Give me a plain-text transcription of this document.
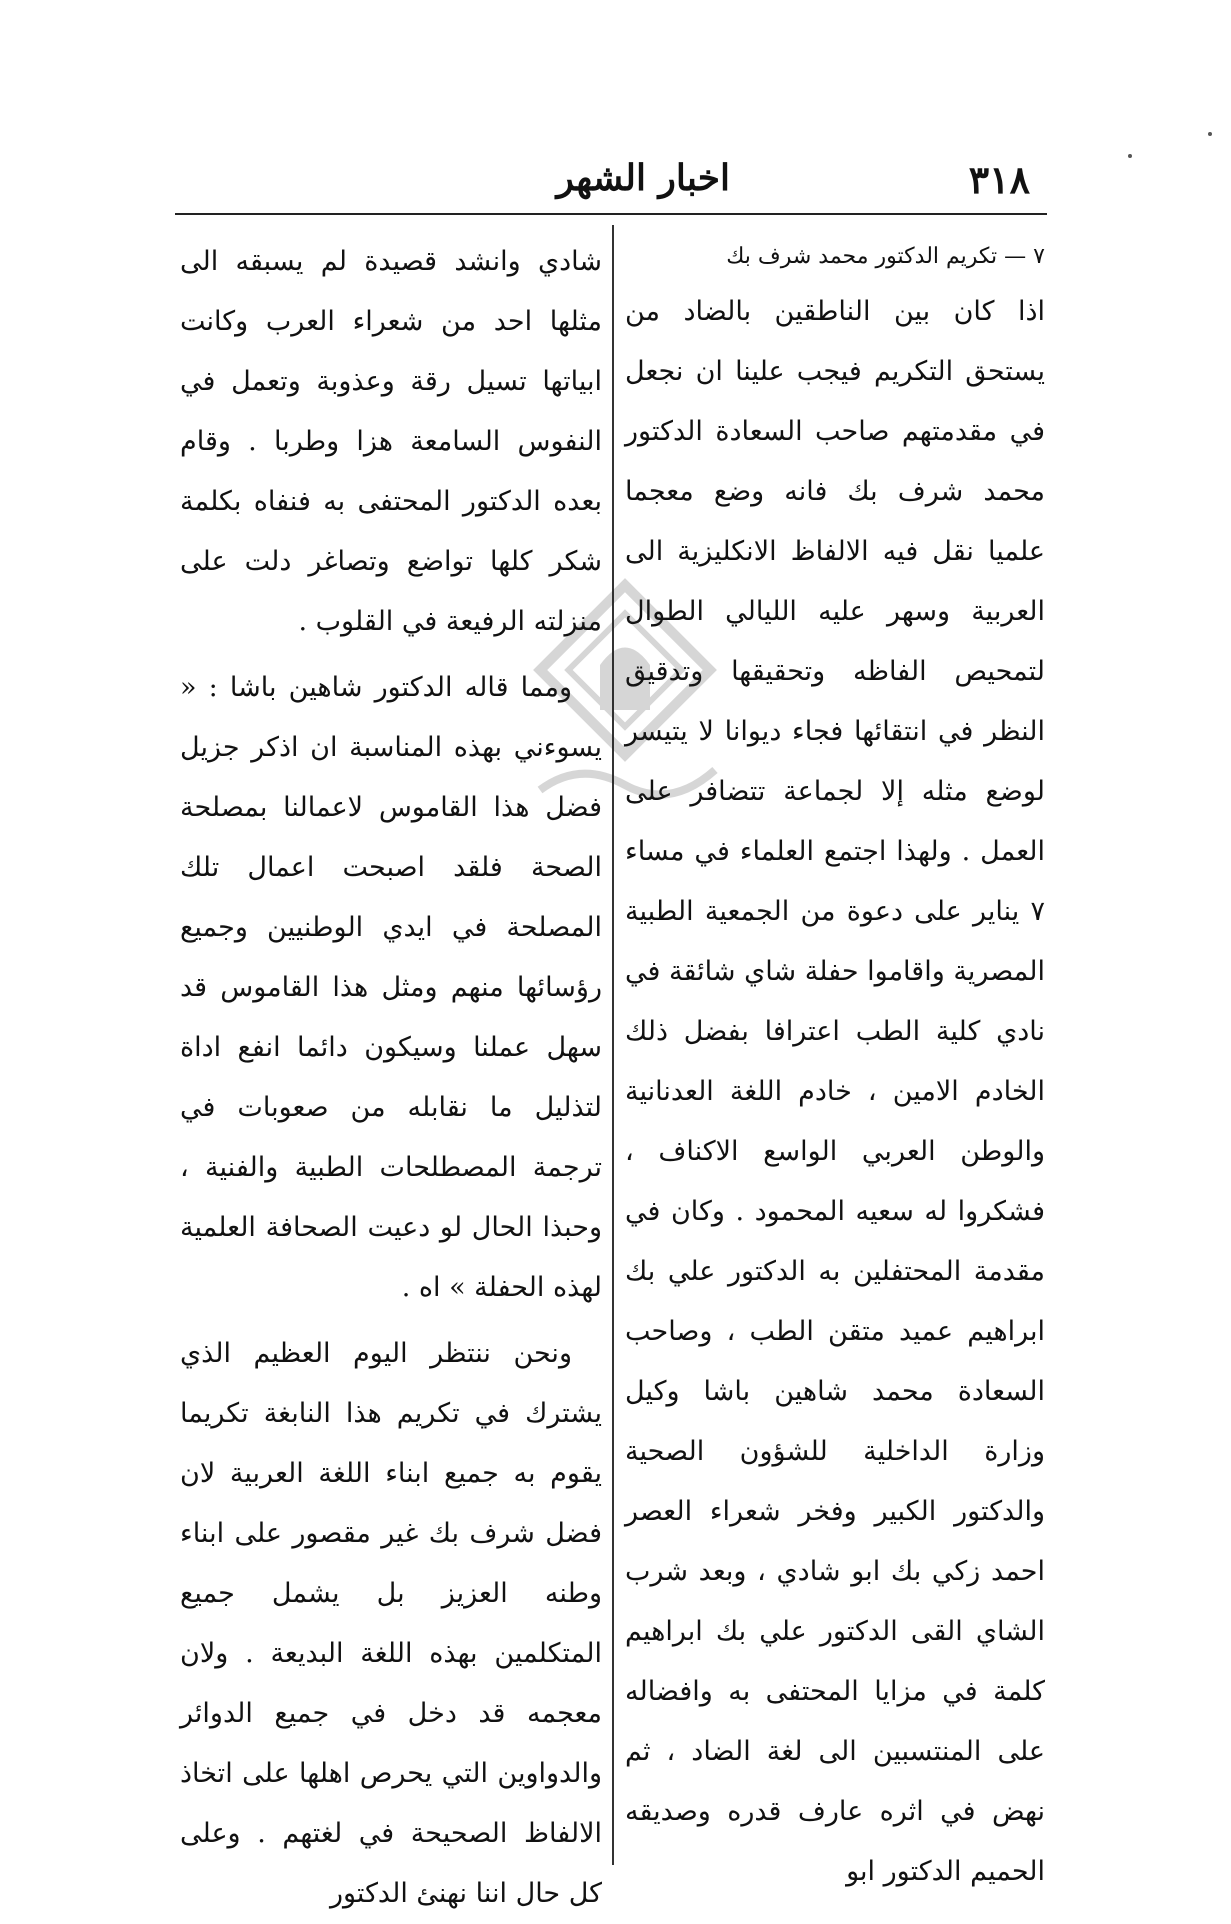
٣١٨
اخبار الشهر

٧ — تكريم الدكتور محمد شرف بك

اذا كان بين الناطقين بالضاد من يستحق التكريم فيجب علينا ان نجعل في مقدمتهم صاحب السعادة الدكتور محمد شرف بك فانه وضع معجما علميا نقل فيه الالفاظ الانكليزية الى العربية وسهر عليه الليالي الطوال لتمحيص الفاظه وتحقيقها وتدقيق النظر في انتقائها فجاء ديوانا لا يتيسر لوضع مثله إلا لجماعة تتضافر على العمل . ولهذا اجتمع العلماء في مساء ٧ يناير على دعوة من الجمعية الطبية المصرية واقاموا حفلة شاي شائقة في نادي كلية الطب اعترافا بفضل ذلك الخادم الامين ، خادم اللغة العدنانية والوطن العربي الواسع الاكناف ، فشكروا له سعيه المحمود . وكان في مقدمة المحتفلين به الدكتور علي بك ابراهيم عميد متقن الطب ، وصاحب السعادة محمد شاهين باشا وكيل وزارة الداخلية للشؤون الصحية والدكتور الكبير وفخر شعراء العصر احمد زكي بك ابو شادي ، وبعد شرب الشاي القى الدكتور علي بك ابراهيم كلمة في مزايا المحتفى به وافضاله على المنتسبين الى لغة الضاد ، ثم نهض في اثره عارف قدره وصديقه الحميم الدكتور ابو

شادي وانشد قصيدة لم يسبقه الى مثلها احد من شعراء العرب وكانت ابياتها تسيل رقة وعذوبة وتعمل في النفوس السامعة هزا وطربا . وقام بعده الدكتور المحتفى به فنفاه بكلمة شكر كلها تواضع وتصاغر دلت على منزلته الرفيعة في القلوب .

ومما قاله الدكتور شاهين باشا : « يسوءني بهذه المناسبة ان اذكر جزيل فضل هذا القاموس لاعمالنا بمصلحة الصحة فلقد اصبحت اعمال تلك المصلحة في ايدي الوطنيين وجميع رؤسائها منهم ومثل هذا القاموس قد سهل عملنا وسيكون دائما انفع اداة لتذليل ما نقابله من صعوبات في ترجمة المصطلحات الطبية والفنية ، وحبذا الحال لو دعيت الصحافة العلمية لهذه الحفلة » اه .

ونحن ننتظر اليوم العظيم الذي يشترك في تكريم هذا النابغة تكريما يقوم به جميع ابناء اللغة العربية لان فضل شرف بك غير مقصور على ابناء وطنه العزيز بل يشمل جميع المتكلمين بهذه اللغة البديعة . ولان معجمه قد دخل في جميع الدوائر والدواوين التي يحرص اهلها على اتخاذ الالفاظ الصحيحة في لغتهم . وعلى كل حال اننا نهنئ الدكتور
